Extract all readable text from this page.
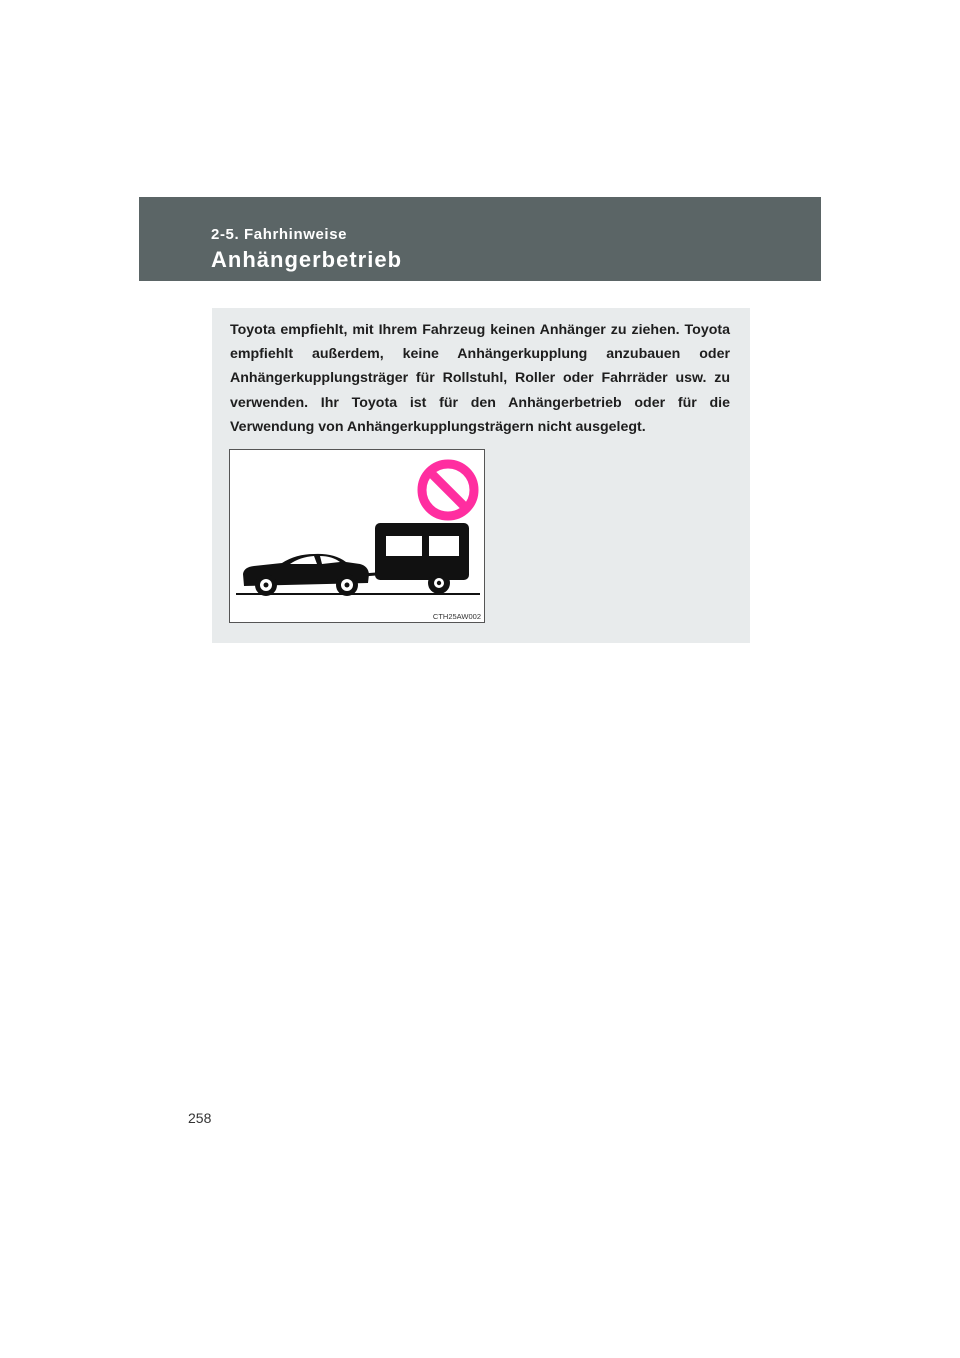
2-5. Fahrhinweise
Anhängerbetrieb
Toyota empfiehlt, mit Ihrem Fahrzeug keinen Anhänger zu ziehen. Toyota empfiehlt außerdem, keine Anhängerkupplung anzubauen oder Anhängerkupplungsträger für Rollstuhl, Roller oder Fahrräder usw. zu verwenden. Ihr Toyota ist für den Anhängerbetrieb oder für die Verwendung von Anhängerkupplungsträgern nicht ausgelegt.
CTH25AW002
258
